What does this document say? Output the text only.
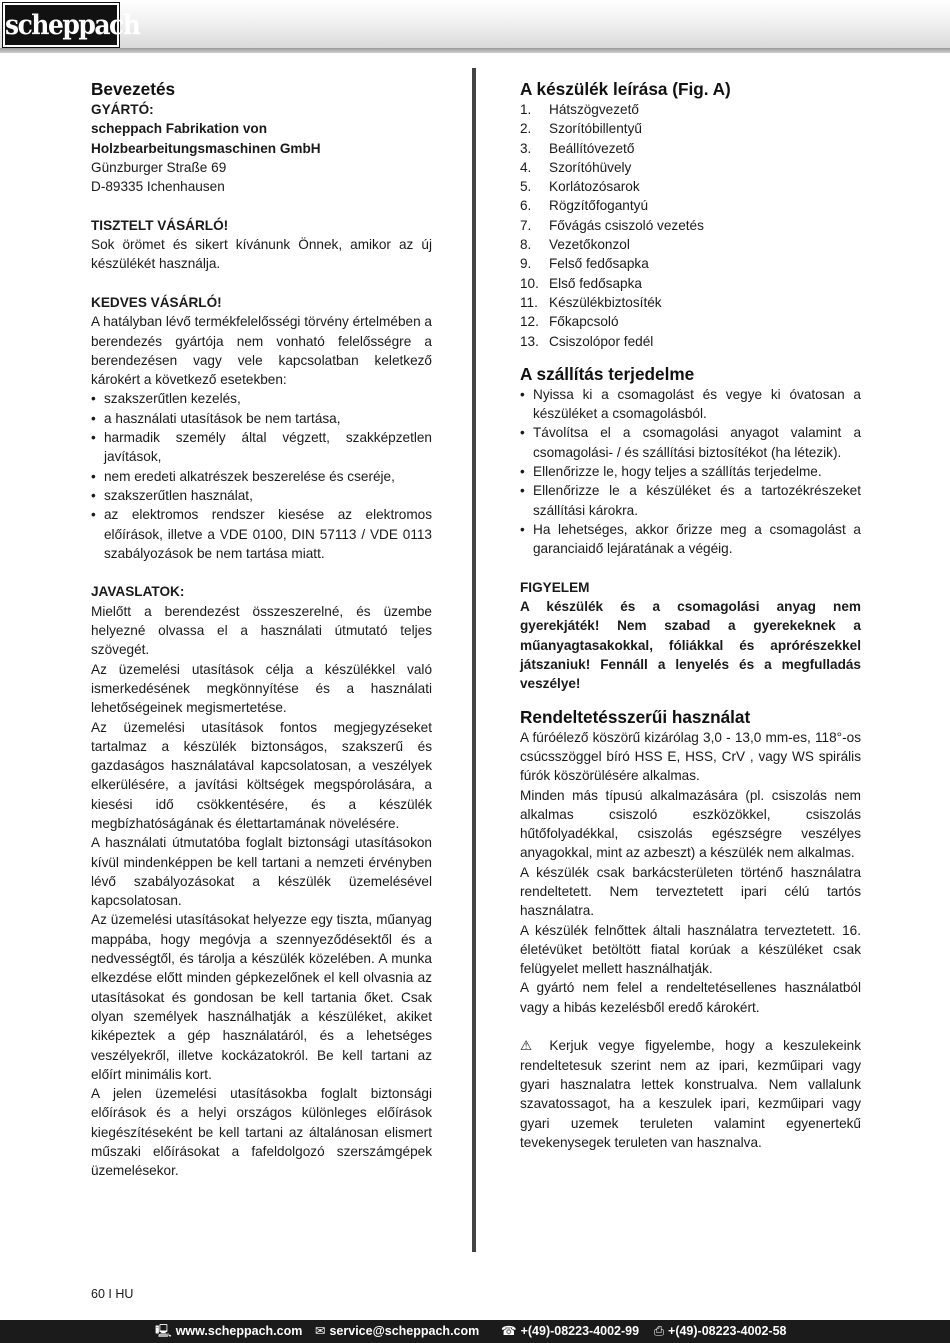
scheppach
Bevezetés
GYÁRTÓ:
scheppach Fabrikation von
Holzbearbeitungsmaschinen GmbH
Günzburger Straße 69
D-89335 Ichenhausen
TISZTELT VÁSÁRLÓ!
Sok örömet és sikert kívánunk Önnek, amikor az új készülékét használja.
KEDVES VÁSÁRLÓ!
A hatályban lévő termékfelelősségi törvény értelmében a berendezés gyártója nem vonható felelősségre a berendezésen vagy vele kapcsolatban keletkező károkért a következő esetekben:
• szakszerűtlen kezelés,
• a használati utasítások be nem tartása,
• harmadik személy által végzett, szakképzetlen javítások,
• nem eredeti alkatrészek beszerelése és cseréje,
• szakszerűtlen használat,
• az elektromos rendszer kiesése az elektromos előírások, illetve a VDE 0100, DIN 57113 / VDE 0113 szabályozások be nem tartása miatt.
JAVASLATOK:
Mielőtt a berendezést összeszerelné, és üzembe helyezné olvassa el a használati útmutató teljes szövegét.
Az üzemelési utasítások célja a készülékkel való ismerkedésének megkönnyítése és a használati lehetőségeinek megismertetése.
Az üzemelési utasítások fontos megjegyzéseket tartalmaz a készülék biztonságos, szakszerű és gazdaságos használatával kapcsolatosan, a veszélyek elkerülésére, a javítási költségek megspórolására, a kiesési idő csökkentésére, és a készülék megbízhatóságának és élettartamának növelésére.
A használati útmutatóba foglalt biztonsági utasításokon kívül mindenképpen be kell tartani a nemzeti érvényben lévő szabályozásokat a készülék üzemelésével kapcsolatosan.
Az üzemelési utasításokat helyezze egy tiszta, műanyag mappába, hogy megóvja a szennyeződésektől és a nedvességtől, és tárolja a készülék közelében. A munka elkezdése előtt minden gépkezelőnek el kell olvasnia az utasításokat és gondosan be kell tartania őket. Csak olyan személyek használhatják a készüléket, akiket kiképeztek a gép használatáról, és a lehetséges veszélyekről, illetve kockázatokról. Be kell tartani az előírt minimális kort.
A jelen üzemelési utasításokba foglalt biztonsági előírások és a helyi országos különleges előírások kiegészítéseként be kell tartani az általánosan elismert műszaki előírásokat a fafeldolgozó szerszámgépek üzemelésekor.
A készülék leírása (Fig. A)
1. Hátszögvezető
2. Szorítóbillentyű
3. Beállítóvezető
4. Szorítóhüvely
5. Korlátozósarok
6. Rögzítőfogantyú
7. Fővágás csiszoló vezetés
8. Vezetőkonzol
9. Felső fedősapka
10. Első fedősapka
11. Készülékbiztosíték
12. Főkapcsoló
13. Csiszolópor fedél
A szállítás terjedelme
• Nyissa ki a csomagolást és vegye ki óvatosan a készüléket a csomagolásból.
• Távolítsa el a csomagolási anyagot valamint a csomagolási- / és szállítási biztosítékot (ha létezik).
• Ellenőrizze le, hogy teljes a szállítás terjedelme.
• Ellenőrizze le a készüléket és a tartozékrészeket szállítási károkra.
• Ha lehetséges, akkor őrizze meg a csomagolást a garanciaidő lejáratának a végéig.
FIGYELEM
A készülék és a csomagolási anyag nem gyerekjáték! Nem szabad a gyerekeknek a műanyagtasakokkal, fóliákkal és aprórészekkel játszaniuk! Fennáll a lenyelés és a megfulladás veszélye!
Rendeltetésszerűi használat
A fúróélező köszörű kizárólag 3,0 - 13,0 mm-es, 118°-os csúcsszöggel bíró HSS E, HSS, CrV , vagy WS spirális fúrók köszörülésére alkalmas.
Minden más típusú alkalmazására (pl. csiszolás nem alkalmas csiszoló eszközökkel, csiszolás hűtőfolyadékkal, csiszolás egészségre veszélyes anyagokkal, mint az azbeszt) a készülék nem alkalmas.
A készülék csak barkácsterületen történő használatra rendeltetett. Nem terveztetett ipari célú tartós használatra.
A készülék felnőttek általi használatra terveztetett. 16. életévüket betöltött fiatal korúak a készüléket csak felügyelet mellett használhatják.
A gyártó nem felel a rendeltetésellenes használatból vagy a hibás kezelésből eredő károkért.
⚠ Kerjuk vegye figyelembe, hogy a keszulekeink rendeltetesuk szerint nem az ipari, kezműipari vagy gyari hasznalatra lettek konstrualva. Nem vallalunk szavatossagot, ha a keszulek ipari, kezműipari vagy gyari uzemek teruleten valamint egyenertekű tevekenysegek teruleten van hasznalva.
60 I HU
🖳 www.scheppach.com ✉ service@scheppach.com ☎ +(49)-08223-4002-99 ⎙ +(49)-08223-4002-58
